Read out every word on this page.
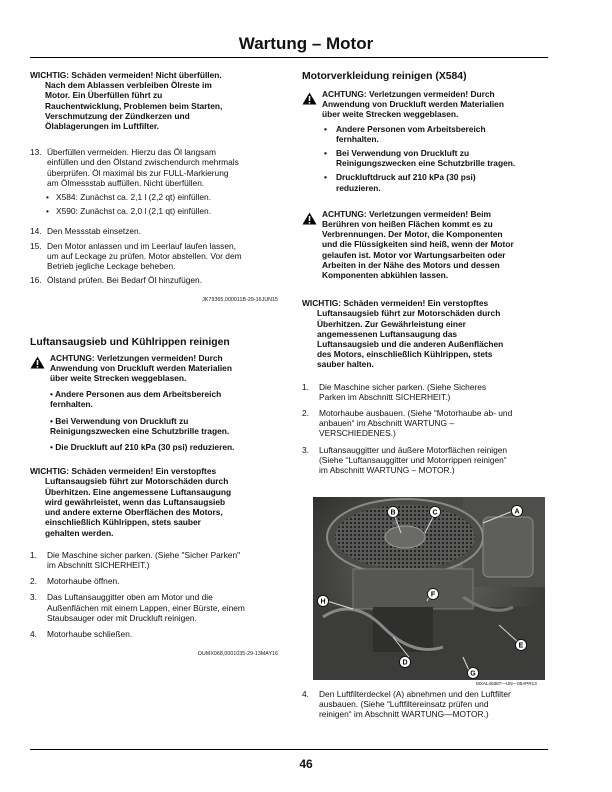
Wartung – Motor
WICHTIG: Schäden vermeiden! Nicht überfüllen.
Nach dem Ablassen verbleiben Ölreste im
Motor. Ein Überfüllen führt zu
Rauchentwicklung, Problemen beim Starten,
Verschmutzung der Zündkerzen und
Ölablagerungen im Luftfilter.
13. Überfüllen vermeiden. Hierzu das Öl langsam
einfüllen und den Ölstand zwischendurch mehrmals
überprüfen. Öl maximal bis zur FULL-Markierung
am Ölmessstab auffüllen. Nicht überfüllen.
• X584: Zunächst ca. 2,1 l (2,2 qt) einfüllen.
• X590: Zunächst ca. 2,0 l (2,1 qt) einfüllen.
14. Den Messstab einsetzen.
15. Den Motor anlassen und im Leerlauf laufen lassen,
um auf Leckage zu prüfen. Motor abstellen. Vor dem
Betrieb jegliche Leckage beheben.
16. Ölstand prüfen. Bei Bedarf Öl hinzufügen.
JK79365,000011B-29-16JUN15
Luftansaugsieb und Kühlrippen reinigen
ACHTUNG: Verletzungen vermeiden! Durch
Anwendung von Druckluft werden Materialien
über weite Strecken weggeblasen.
• Andere Personen aus dem Arbeitsbereich
fernhalten.
• Bei Verwendung von Druckluft zu
Reinigungszwecken eine Schutzbrille tragen.
• Die Druckluft auf 210 kPa (30 psi) reduzieren.
WICHTIG: Schäden vermeiden! Ein verstopftes
Luftansaugsieb führt zur Motorschäden durch
Überhitzen. Eine angemessene Luftansaugung
wird gewährleistet, wenn das Luftansaugsieb
und andere externe Oberflächen des Motors,
einschließlich Kühlrippen, stets sauber
gehalten werden.
1. Die Maschine sicher parken. (Siehe "Sicher Parken"
im Abschnitt SICHERHEIT.)
2. Motorhaube öffnen.
3. Das Luftansauggitter oben am Motor und die
Außenflächen mit einem Lappen, einer Bürste, einem
Staubsauger oder mit Druckluft reinigen.
4. Motorhaube schließen.
OUMX068,0001035-29-13MAY16
Motorverkleidung reinigen (X584)
ACHTUNG: Verletzungen vermeiden! Durch
Anwendung von Druckluft werden Materialien
über weite Strecken weggeblasen.
• Andere Personen vom Arbeitsbereich
fernhalten.
• Bei Verwendung von Druckluft zu
Reinigungszwecken eine Schutzbrille tragen.
• Druckluftdruck auf 210 kPa (30 psi)
reduzieren.
ACHTUNG: Verletzungen vermeiden! Beim
Berühren von heißen Flächen kommt es zu
Verbrennungen. Der Motor, die Komponenten
und die Flüssigkeiten sind heiß, wenn der Motor
gelaufen ist. Motor vor Wartungsarbeiten oder
Arbeiten in der Nähe des Motors und dessen
Komponenten abkühlen lassen.
WICHTIG: Schäden vermeiden! Ein verstopftes
Luftansaugsieb führt zur Motorschäden durch
Überhitzen. Zur Gewährleistung einer
angemessenen Luftansaugung das
Luftansaugsieb und die anderen Außenflächen
des Motors, einschließlich Kühlrippen, stets
sauber halten.
1. Die Maschine sicher parken. (Siehe Sicheres
Parken im Abschnitt SICHERHEIT.)
2. Motorhaube ausbauen. (Siehe “Motorhaube ab- und
anbauen“ im Abschnitt WARTUNG –
VERSCHIEDENES.)
3. Luftansauggitter und äußere Motorflächen reinigen
(Siehe “Luftansauggitter und Motorrippen reinigen“
im Abschnitt WARTUNG – MOTOR.)
B	C	A
F
H
D
E
G
MXAL46387—UN—05APR13
4. Den Luftfilterdeckel (A) abnehmen und den Luftfilter
ausbauen. (Siehe “Luftfiltereinsatz prüfen und
reinigen“ im Abschnitt WARTUNG—MOTOR.)
46
